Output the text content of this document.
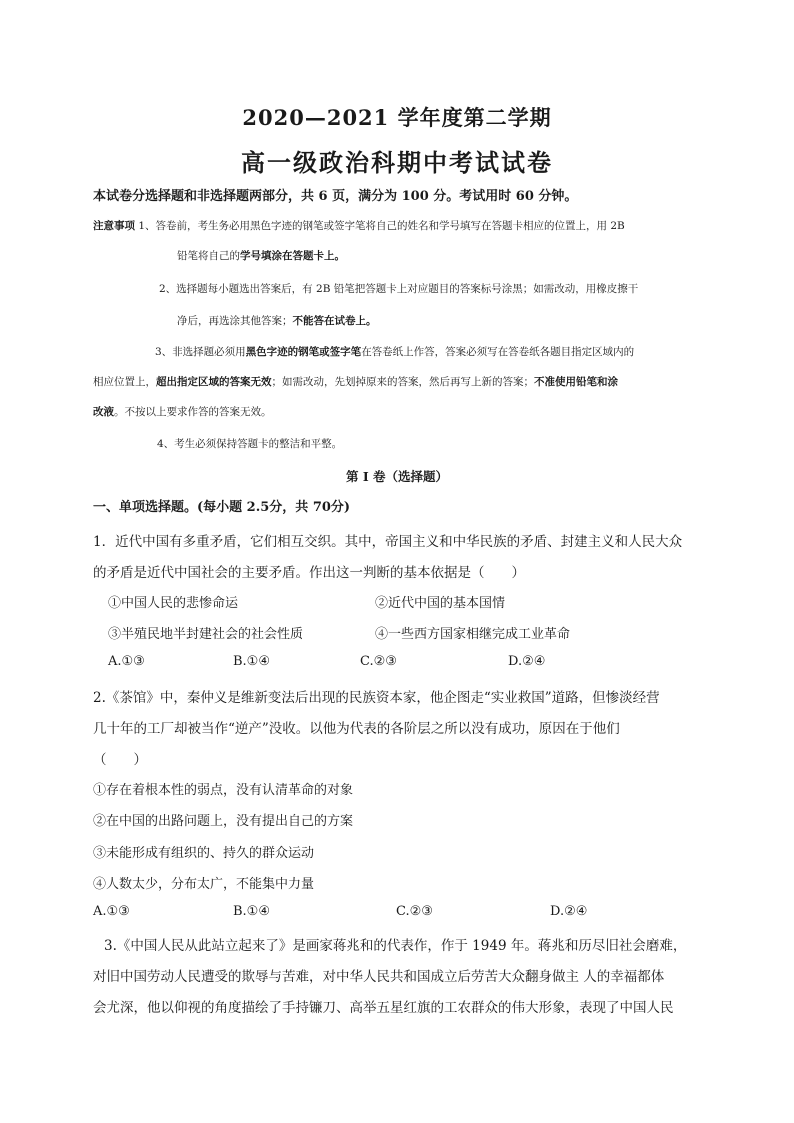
2020—2021 学年度第二学期
高一级政治科期中考试试卷
本试卷分选择题和非选择题两部分，共 6 页，满分为 100 分。考试用时 60 分钟。
注意事项 1、答卷前，考生务必用黑色字迹的钢笔或签字笔将自己的姓名和学号填写在答题卡相应的位置上，用 2B
铅笔将自己的学号填涂在答题卡上。
2、选择题每小题选出答案后，有 2B 铅笔把答题卡上对应题目的答案标号涂黑；如需改动，用橡皮擦干
净后，再选涂其他答案；不能答在试卷上。
3、非选择题必须用黑色字迹的钢笔或签字笔在答卷纸上作答，答案必须写在答卷纸各题目指定区域内的
相应位置上，超出指定区域的答案无效；如需改动，先划掉原来的答案，然后再写上新的答案；不准使用铅笔和涂
改液。不按以上要求作答的答案无效。
4、考生必须保持答题卡的整洁和平整。
第 I 卷（选择题）
一、单项选择题。(每小题 2.5分，共 70分)
1．近代中国有多重矛盾，它们相互交织。其中，帝国主义和中华民族的矛盾、封建主义和人民大众
的矛盾是近代中国社会的主要矛盾。作出这一判断的基本依据是（　　）
①中国人民的悲惨命运	②近代中国的基本国情
③半殖民地半封建社会的社会性质	④一些西方国家相继完成工业革命
A.①③	B.①④	C.②③	D.②④
2.《茶馆》中，秦仲义是维新变法后出现的民族资本家，他企图走“实业救国”道路，但惨淡经营
几十年的工厂却被当作“逆产”没收。以他为代表的各阶层之所以没有成功，原因在于他们
（　　）
①存在着根本性的弱点，没有认清革命的对象
②在中国的出路问题上，没有提出自己的方案
③未能形成有组织的、持久的群众运动
④人数太少，分布太广，不能集中力量
A.①③	B.①④	C.②③	D.②④
3.《中国人民从此站立起来了》是画家蒋兆和的代表作，作于 1949 年。蒋兆和历尽旧社会磨难，
对旧中国劳动人民遭受的欺辱与苦难，对中华人民共和国成立后劳苦大众翻身做主 人的幸福都体
会尤深，他以仰视的角度描绘了手持镰刀、高举五星红旗的工农群众的伟大形象，表现了中国人民
